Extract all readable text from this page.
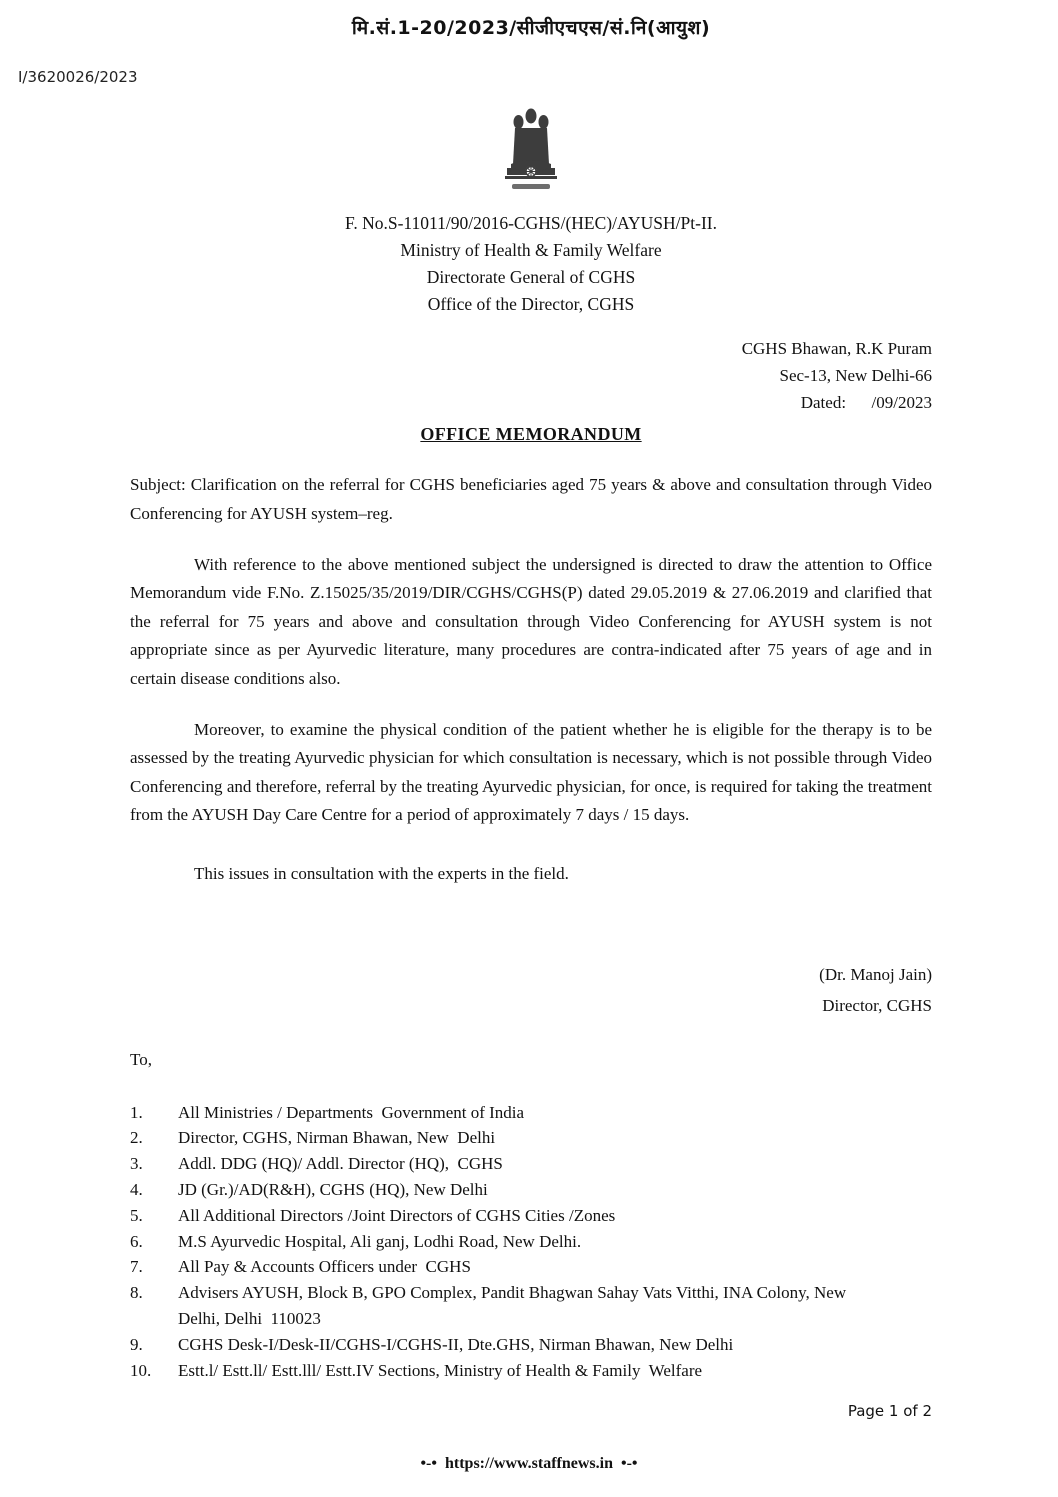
मि.सं.1-20/2023/सीजीएचएस/सं.नि(आयुश)
I/3620026/2023
F. No.S-11011/90/2016-CGHS/(HEC)/AYUSH/Pt-II.
Ministry of Health & Family Welfare
Directorate General of CGHS
Office of the Director, CGHS
CGHS Bhawan, R.K Puram
Sec-13, New Delhi-66
Dated:      /09/2023
OFFICE MEMORANDUM
Subject: Clarification on the referral for CGHS beneficiaries aged 75 years & above and consultation through Video Conferencing for AYUSH system–reg.
With reference to the above mentioned subject the undersigned is directed to draw the attention to Office Memorandum vide F.No. Z.15025/35/2019/DIR/CGHS/CGHS(P) dated 29.05.2019 & 27.06.2019 and clarified that the referral for 75 years and above and consultation through Video Conferencing for AYUSH system is not appropriate since as per Ayurvedic literature, many procedures are contra-indicated after 75 years of age and in certain disease conditions also.
Moreover, to examine the physical condition of the patient whether he is eligible for the therapy is to be assessed by the treating Ayurvedic physician for which consultation is necessary, which is not possible through Video Conferencing and therefore, referral by the treating Ayurvedic physician, for once, is required for taking the treatment from the AYUSH Day Care Centre for a period of approximately 7 days / 15 days.
This issues in consultation with the experts in the field.
(Dr. Manoj Jain)
Director, CGHS
To,
1.	All Ministries / Departments  Government of India
2.	Director, CGHS, Nirman Bhawan, New  Delhi
3.	Addl. DDG (HQ)/ Addl. Director (HQ),  CGHS
4.	JD (Gr.)/AD(R&H), CGHS (HQ), New Delhi
5.	All Additional Directors /Joint Directors of CGHS Cities /Zones
6.	M.S Ayurvedic Hospital, Ali ganj, Lodhi Road, New Delhi.
7.	All Pay & Accounts Officers under  CGHS
8.	Advisers AYUSH, Block B, GPO Complex, Pandit Bhagwan Sahay Vats Vitthi, INA Colony, New
Delhi, Delhi  110023
9.	CGHS Desk-I/Desk-II/CGHS-I/CGHS-II, Dte.GHS, Nirman Bhawan, New Delhi
10.	Estt.l/ Estt.ll/ Estt.lll/ Estt.IV Sections, Ministry of Health & Family  Welfare
Page 1 of 2
•-• https://www.staffnews.in •-•
